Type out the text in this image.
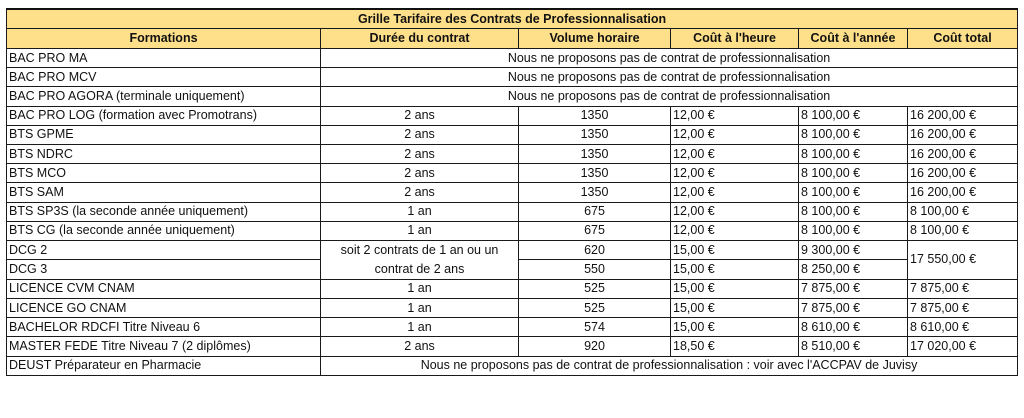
Grille Tarifaire des Contrats de Professionnalisation					
Formations	Durée du contrat	Volume horaire	Coût à l'heure	Coût à l'année	Coût total
BAC PRO MA	Nous ne proposons pas de contrat de professionnalisation				
BAC PRO MCV	Nous ne proposons pas de contrat de professionnalisation				
BAC PRO AGORA (terminale uniquement)	Nous ne proposons pas de contrat de professionnalisation				
BAC PRO LOG (formation avec Promotrans)	2 ans	1350	12,00 €	8 100,00 €	16 200,00 €
BTS GPME	2 ans	1350	12,00 €	8 100,00 €	16 200,00 €
BTS NDRC	2 ans	1350	12,00 €	8 100,00 €	16 200,00 €
BTS MCO	2 ans	1350	12,00 €	8 100,00 €	16 200,00 €
BTS SAM	2 ans	1350	12,00 €	8 100,00 €	16 200,00 €
BTS SP3S (la seconde année uniquement)	1 an	675	12,00 €	8 100,00 €	8 100,00 €
BTS CG (la seconde année uniquement)	1 an	675	12,00 €	8 100,00 €	8 100,00 €
DCG 2	soit 2 contrats de 1 an ou un contrat de 2 ans	620	15,00 €	9 300,00 €	17 550,00 €
DCG 3		550	15,00 €	8 250,00 €	
LICENCE CVM CNAM	1 an	525	15,00 €	7 875,00 €	7 875,00 €
LICENCE GO CNAM	1 an	525	15,00 €	7 875,00 €	7 875,00 €
BACHELOR RDCFI Titre Niveau 6	1 an	574	15,00 €	8 610,00 €	8 610,00 €
MASTER FEDE Titre Niveau 7 (2 diplômes)	2 ans	920	18,50 €	8 510,00 €	17 020,00 €
DEUST Préparateur en Pharmacie	Nous ne proposons pas de contrat de professionnalisation : voir avec l'ACCPAV de Juvisy				
